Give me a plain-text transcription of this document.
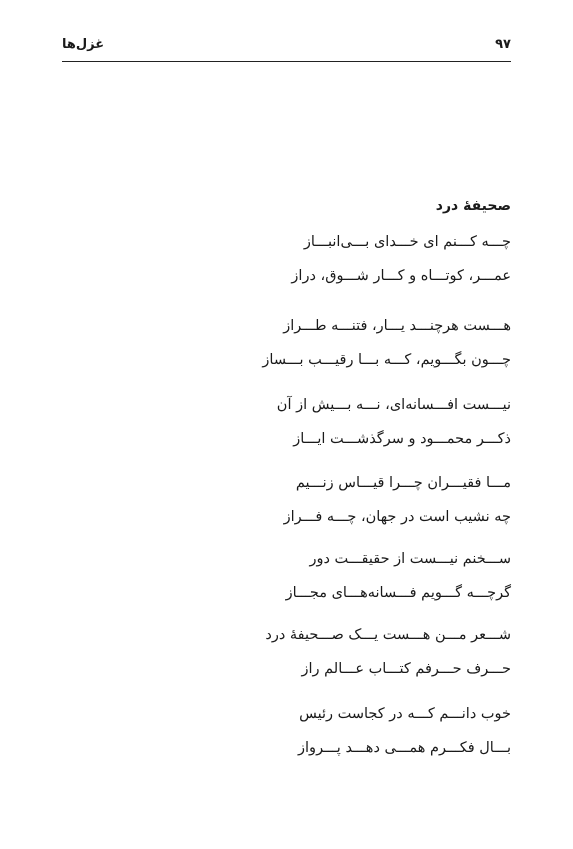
۹۷
غزل‌ها
صحیفهٔ درد
چـــه کـــنم ای خـــدای بـــی‌انبـــاز
عمـــر، کوتـــاه و کـــار شـــوق، دراز
هـــست هرچنـــد یـــار، فتنـــه طـــراز
چـــون بگـــویم، کـــه بـــا رقیـــب بـــساز
نیـــست افـــسانه‌ای، نـــه بـــیش از آن
ذکـــر محمـــود و سرگذشـــت ایـــاز
مـــا فقیـــران چـــرا قیـــاس زنـــیم
چه نشیب است در جهان، چـــه فـــراز
ســـخنم نیـــست از حقیقـــت دور
گرچـــه گـــویم فـــسانه‌هـــای مجـــاز
شـــعر مـــن هـــست یـــک صـــحیفهٔ درد
حـــرف حـــرفم کتـــاب عـــالم راز
خوب دانـــم کـــه در کجاست رئیس
بـــال فکـــرم همـــی دهـــد پـــرواز
